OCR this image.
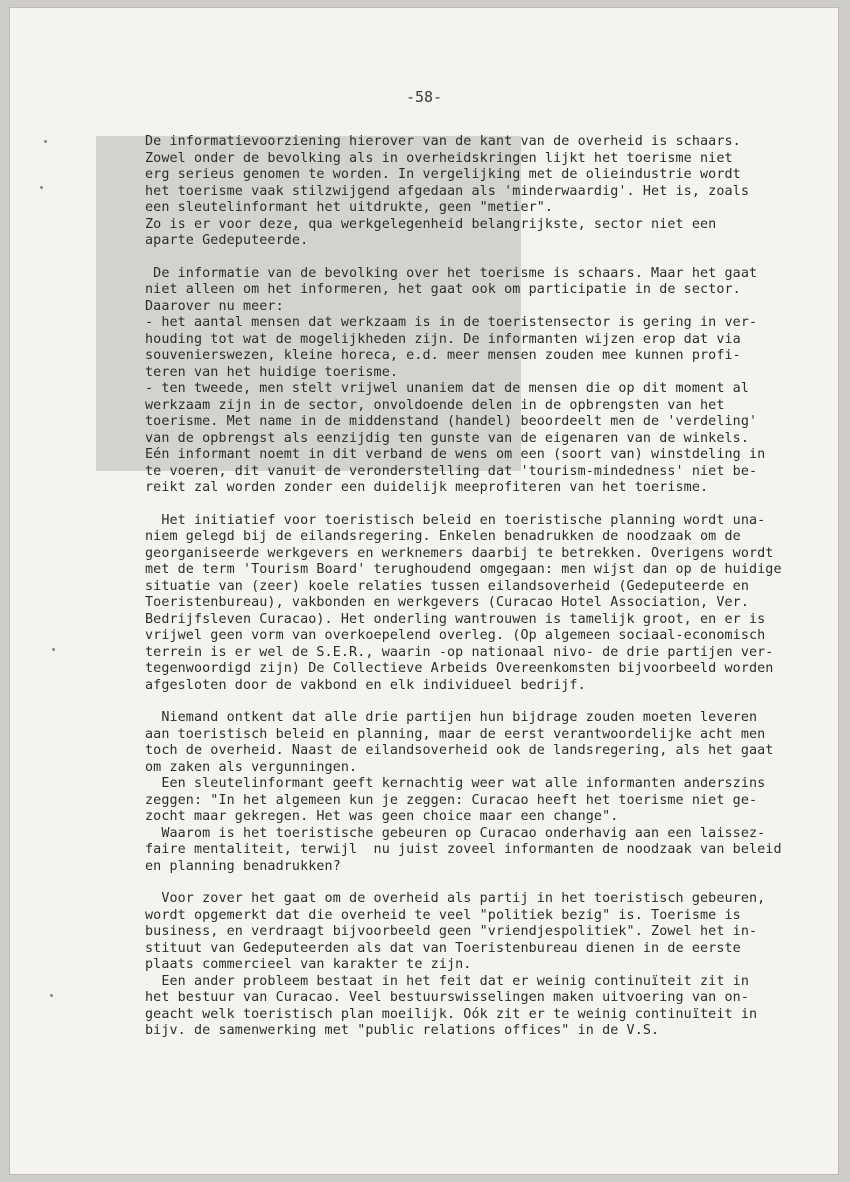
-58-

De informatievoorziening hierover van de kant van de overheid is schaars.
Zowel onder de bevolking als in overheidskringen lijkt het toerisme niet
erg serieus genomen te worden. In vergelijking met de olieindustrie wordt
het toerisme vaak stilzwijgend afgedaan als 'minderwaardig'. Het is, zoals
een sleutelinformant het uitdrukte, geen "metier".
Zo is er voor deze, qua werkgelegenheid belangrijkste, sector niet een
aparte Gedeputeerde.

De informatie van de bevolking over het toerisme is schaars. Maar het gaat
niet alleen om het informeren, het gaat ook om participatie in de sector.
Daarover nu meer:
- het aantal mensen dat werkzaam is in de toeristensector is gering in ver-
houding tot wat de mogelijkheden zijn. De informanten wijzen erop dat via
souvenierswezen, kleine horeca, e.d. meer mensen zouden mee kunnen profi-
teren van het huidige toerisme.
- ten tweede, men stelt vrijwel unaniem dat de mensen die op dit moment al
werkzaam zijn in de sector, onvoldoende delen in de opbrengsten van het
toerisme. Met name in de middenstand (handel) beoordeelt men de 'verdeling'
van de opbrengst als eenzijdig ten gunste van de eigenaren van de winkels.
Eén informant noemt in dit verband de wens om een (soort van) winstdeling in
te voeren, dit vanuit de veronderstelling dat 'tourism-mindedness' niet be-
reikt zal worden zonder een duidelijk meeprofiteren van het toerisme.

Het initiatief voor toeristisch beleid en toeristische planning wordt una-
niem gelegd bij de eilandsregering. Enkelen benadrukken de noodzaak om de
georganiseerde werkgevers en werknemers daarbij te betrekken. Overigens wordt
met de term 'Tourism Board' terughoudend omgegaan: men wijst dan op de huidige
situatie van (zeer) koele relaties tussen eilandsoverheid (Gedeputeerde en
Toeristenbureau), vakbonden en werkgevers (Curacao Hotel Association, Ver.
Bedrijfsleven Curacao). Het onderling wantrouwen is tamelijk groot, en er is
vrijwel geen vorm van overkoepelend overleg. (Op algemeen sociaal-economisch
terrein is er wel de S.E.R., waarin -op nationaal nivo- de drie partijen ver-
tegenwoordigd zijn) De Collectieve Arbeids Overeenkomsten bijvoorbeeld worden
afgesloten door de vakbond en elk individueel bedrijf.

Niemand ontkent dat alle drie partijen hun bijdrage zouden moeten leveren
aan toeristisch beleid en planning, maar de eerst verantwoordelijke acht men
toch de overheid. Naast de eilandsoverheid ook de landsregering, als het gaat
om zaken als vergunningen.
Een sleutelinformant geeft kernachtig weer wat alle informanten anderszins
zeggen: "In het algemeen kun je zeggen: Curacao heeft het toerisme niet ge-
zocht maar gekregen. Het was geen choice maar een change".
Waarom is het toeristische gebeuren op Curacao onderhavig aan een laissez-
faire mentaliteit, terwijl  nu juist zoveel informanten de noodzaak van beleid
en planning benadrukken?

Voor zover het gaat om de overheid als partij in het toeristisch gebeuren,
wordt opgemerkt dat die overheid te veel "politiek bezig" is. Toerisme is
business, en verdraagt bijvoorbeeld geen "vriendjespolitiek". Zowel het in-
stituut van Gedeputeerden als dat van Toeristenbureau dienen in de eerste
plaats commercieel van karakter te zijn.
Een ander probleem bestaat in het feit dat er weinig continuïteit zit in
het bestuur van Curacao. Veel bestuurswisselingen maken uitvoering van on-
geacht welk toeristisch plan moeilijk. Oók zit er te weinig continuïteit in
bijv. de samenwerking met "public relations offices" in de V.S.
